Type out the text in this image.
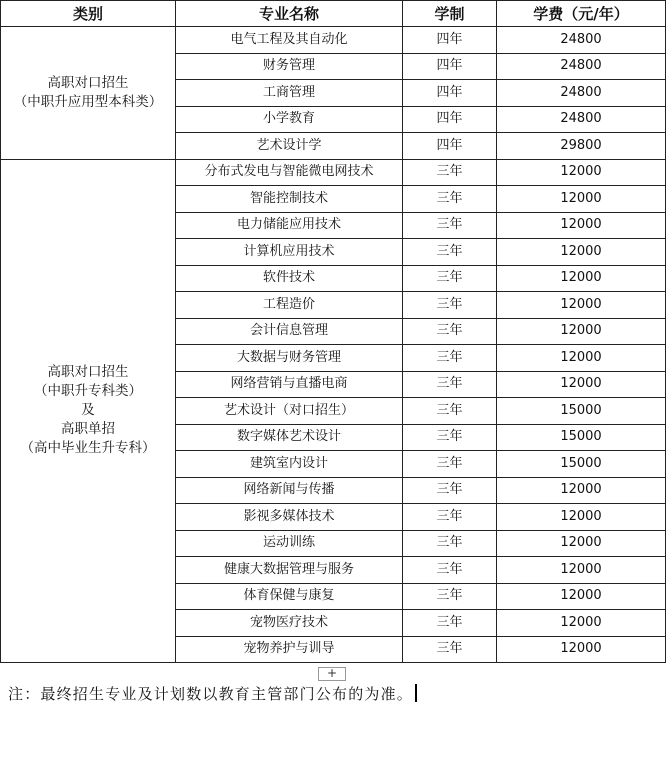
类别	专业名称	学制	学费（元/年）

高职对口招生
（中职升应用型本科类）	电气工程及其自动化	四年	24800
	财务管理	四年	24800
	工商管理	四年	24800
	小学教育	四年	24800
	艺术设计学	四年	29800

高职对口招生
（中职升专科类）
及
高职单招
（高中毕业生升专科）	分布式发电与智能微电网技术	三年	12000
	智能控制技术	三年	12000
	电力储能应用技术	三年	12000
	计算机应用技术	三年	12000
	软件技术	三年	12000
	工程造价	三年	12000
	会计信息管理	三年	12000
	大数据与财务管理	三年	12000
	网络营销与直播电商	三年	12000
	艺术设计（对口招生）	三年	15000
	数字媒体艺术设计	三年	15000
	建筑室内设计	三年	15000
	网络新闻与传播	三年	12000
	影视多媒体技术	三年	12000
	运动训练	三年	12000
	健康大数据管理与服务	三年	12000
	体育保健与康复	三年	12000
	宠物医疗技术	三年	12000
	宠物养护与训导	三年	12000
+
注：最终招生专业及计划数以教育主管部门公布的为准。
